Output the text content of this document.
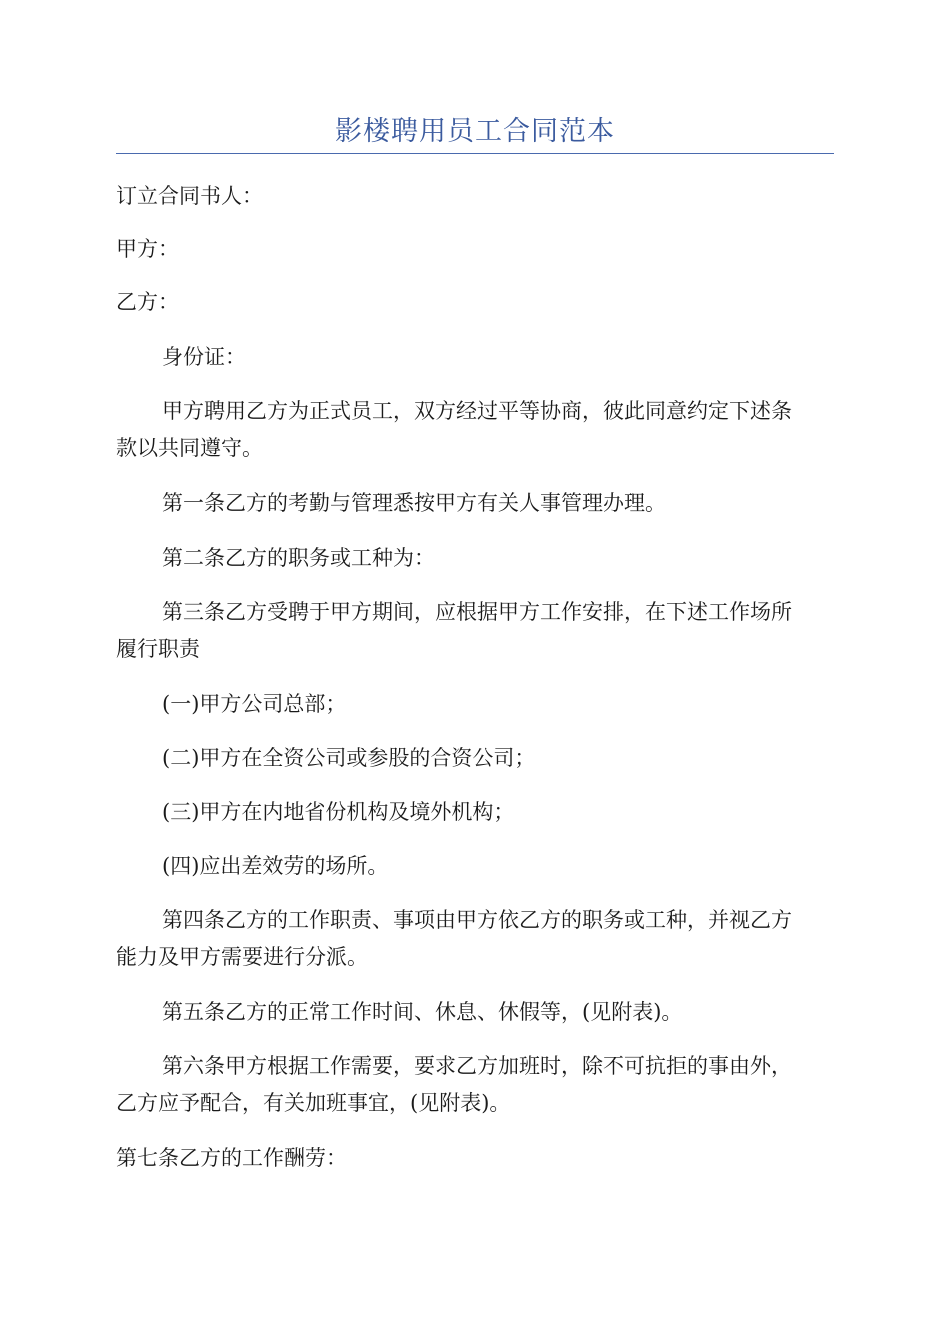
影楼聘用员工合同范本

订立合同书人：

甲方：

乙方：

身份证：

甲方聘用乙方为正式员工，双方经过平等协商，彼此同意约定下述条
款以共同遵守。

第一条乙方的考勤与管理悉按甲方有关人事管理办理。

第二条乙方的职务或工种为：

第三条乙方受聘于甲方期间，应根据甲方工作安排，在下述工作场所
履行职责

(一)甲方公司总部；

(二)甲方在全资公司或参股的合资公司；

(三)甲方在内地省份机构及境外机构；

(四)应出差效劳的场所。

第四条乙方的工作职责、事项由甲方依乙方的职务或工种，并视乙方
能力及甲方需要进行分派。

第五条乙方的正常工作时间、休息、休假等，(见附表)。

第六条甲方根据工作需要，要求乙方加班时，除不可抗拒的事由外，
乙方应予配合，有关加班事宜，(见附表)。

第七条乙方的工作酬劳：
